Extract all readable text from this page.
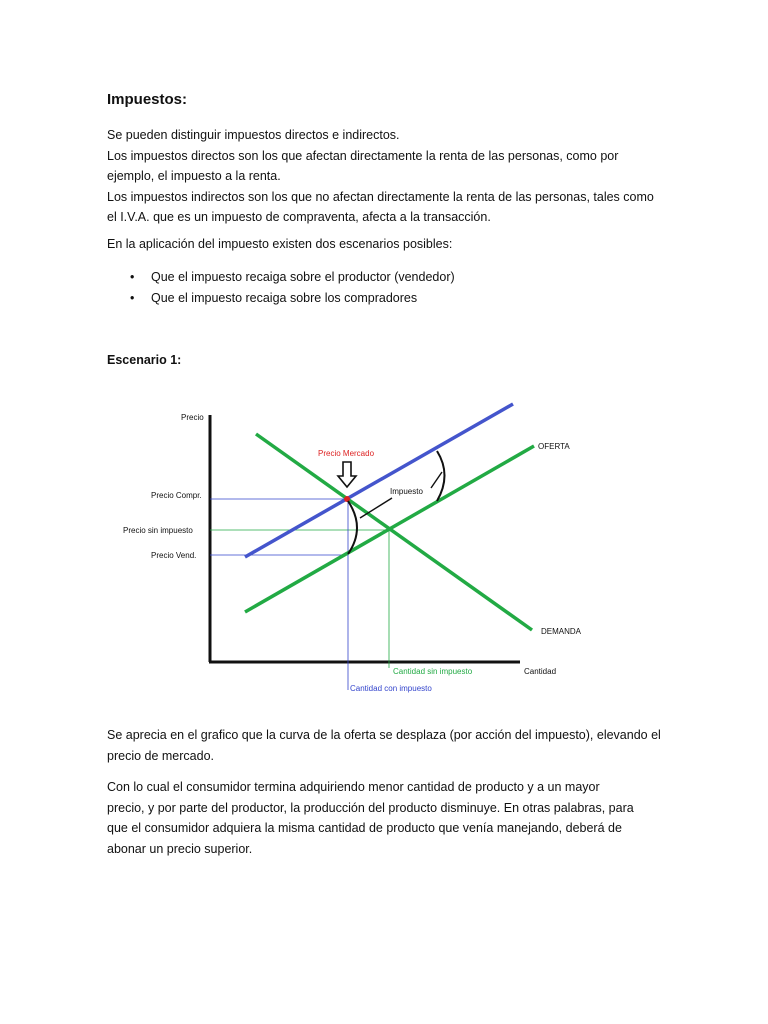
Impuestos:

Se pueden distinguir impuestos directos e indirectos.
Los impuestos directos son los que afectan directamente la renta de las personas, como por
ejemplo, el impuesto a la renta.
Los impuestos indirectos son los que no afectan directamente la renta de las personas, tales como
el I.V.A. que es un impuesto de compraventa, afecta a la transacción.

En la aplicación del impuesto existen dos escenarios posibles:

• Que el impuesto recaiga sobre el productor (vendedor)
• Que el impuesto recaiga sobre los compradores

Escenario 1:

Precio
Cantidad
OFERTA
DEMANDA
Precio Compr.
Precio sin impuesto
Precio Vend.
Precio Mercado
Impuesto
Cantidad sin impuesto
Cantidad con impuesto

Se aprecia en el grafico que la curva de la oferta se desplaza (por acción del impuesto), elevando el
precio de mercado.

Con lo cual el consumidor termina adquiriendo menor cantidad de producto y a un mayor
precio, y por parte del productor, la producción del producto disminuye. En otras palabras, para
que el consumidor adquiera la misma cantidad de producto que venía manejando, deberá de
abonar un precio superior.
